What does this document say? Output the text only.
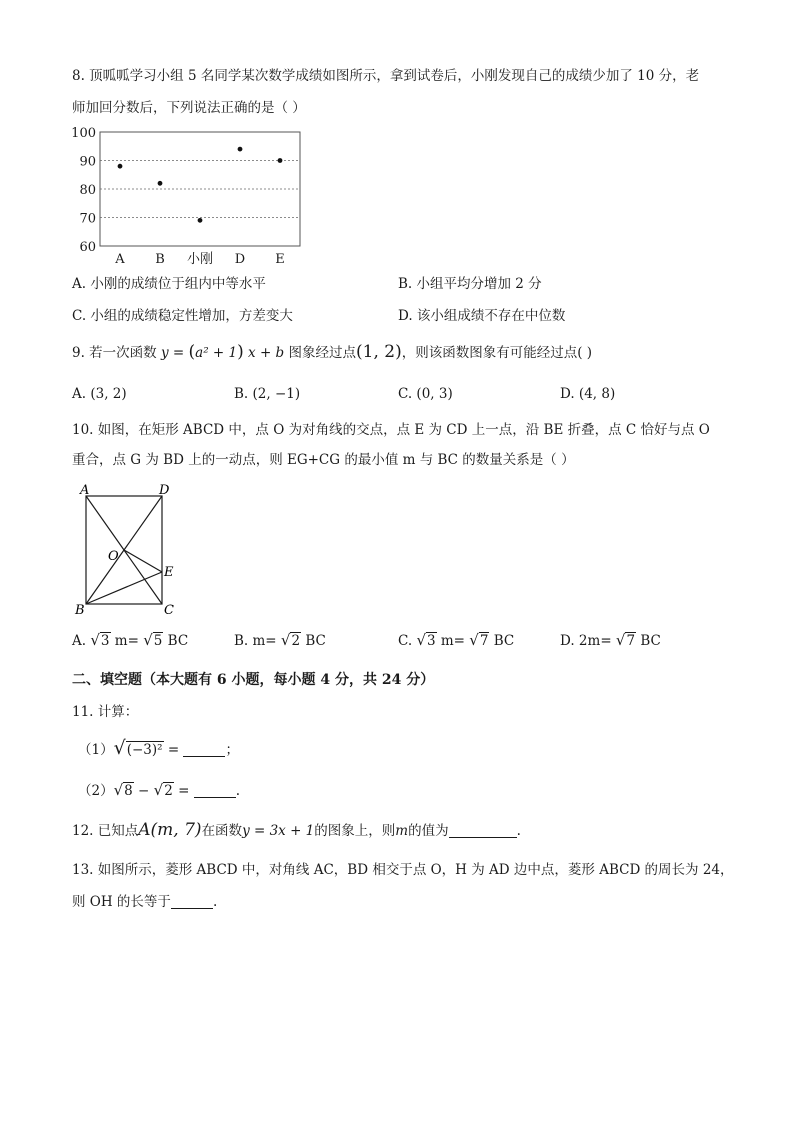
8. 顶呱呱学习小组 5 名同学某次数学成绩如图所示，拿到试卷后，小刚发现自己的成绩少加了 10 分，老
师加回分数后，下列说法正确的是（ ）
100
90
80
70
60
A B 小刚 D E
A. 小刚的成绩位于组内中等水平	B. 小组平均分增加 2 分
C. 小组的成绩稳定性增加，方差变大	D. 该小组成绩不存在中位数
9. 若一次函数 y = (a² + 1) x + b 图象经过点(1, 2)，则该函数图象有可能经过点( )
A. (3, 2)	B. (2, −1)	C. (0, 3)	D. (4, 8)
10. 如图，在矩形 ABCD 中，点 O 为对角线的交点，点 E 为 CD 上一点，沿 BE 折叠，点 C 恰好与点 O
重合，点 G 为 BD 上的一动点，则 EG+CG 的最小值 m 与 BC 的数量关系是（ ）
A	D
B	C
O
E
A. √3 m= √5 BC	B. m= √2 BC	C. √3 m= √7 BC	D. 2m= √7 BC
二、填空题（本大题有 6 小题，每小题 4 分，共 24 分）
11. 计算：
（1）√(−3)² =	；
（2）√8 − √2 =	.
12. 已知点A(m, 7)在函数y = 3x + 1的图象上，则m的值为	.
13. 如图所示，菱形 ABCD 中，对角线 AC，BD 相交于点 O，H 为 AD 边中点，菱形 ABCD 的周长为 24，
则 OH 的长等于	.
